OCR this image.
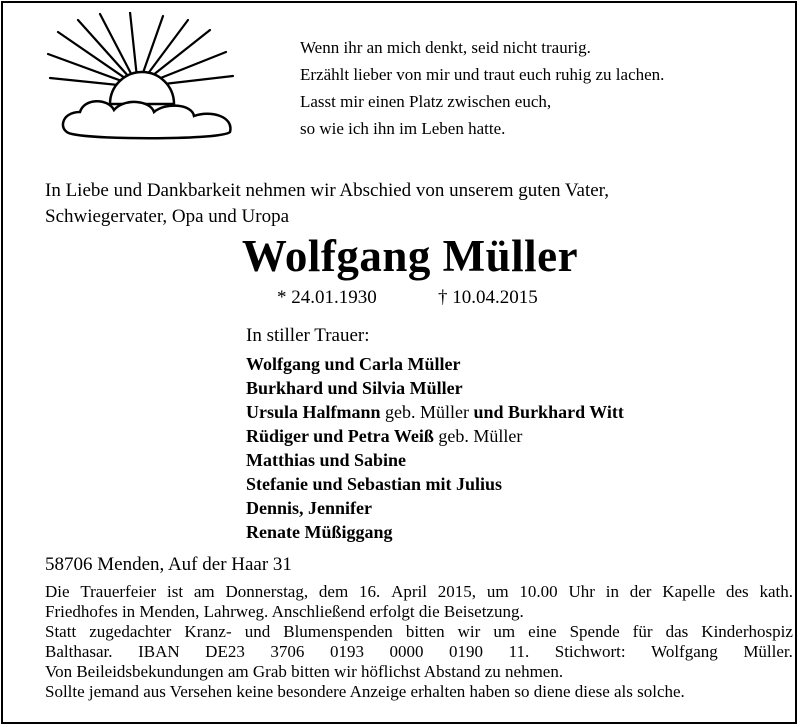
Wenn ihr an mich denkt, seid nicht traurig.
Erzählt lieber von mir und traut euch ruhig zu lachen.
Lasst mir einen Platz zwischen euch,
so wie ich ihn im Leben hatte.
In Liebe und Dankbarkeit nehmen wir Abschied von unserem guten Vater,
Schwiegervater, Opa und Uropa
Wolfgang Müller
* 24.01.1930	† 10.04.2015
In stiller Trauer:
Wolfgang und Carla Müller
Burkhard und Silvia Müller
Ursula Halfmann geb. Müller und Burkhard Witt
Rüdiger und Petra Weiß geb. Müller
Matthias und Sabine
Stefanie und Sebastian mit Julius
Dennis, Jennifer
Renate Müßiggang
58706 Menden, Auf der Haar 31
Die Trauerfeier ist am Donnerstag, dem 16. April 2015, um 10.00 Uhr in der Kapelle des kath.
Friedhofes in Menden, Lahrweg. Anschließend erfolgt die Beisetzung.
Statt zugedachter Kranz- und Blumenspenden bitten wir um eine Spende für das Kinderhospiz
Balthasar. IBAN DE23 3706 0193 0000 0190 11. Stichwort: Wolfgang Müller.
Von Beileidsbekundungen am Grab bitten wir höflichst Abstand zu nehmen.
Sollte jemand aus Versehen keine besondere Anzeige erhalten haben so diene diese als solche.
